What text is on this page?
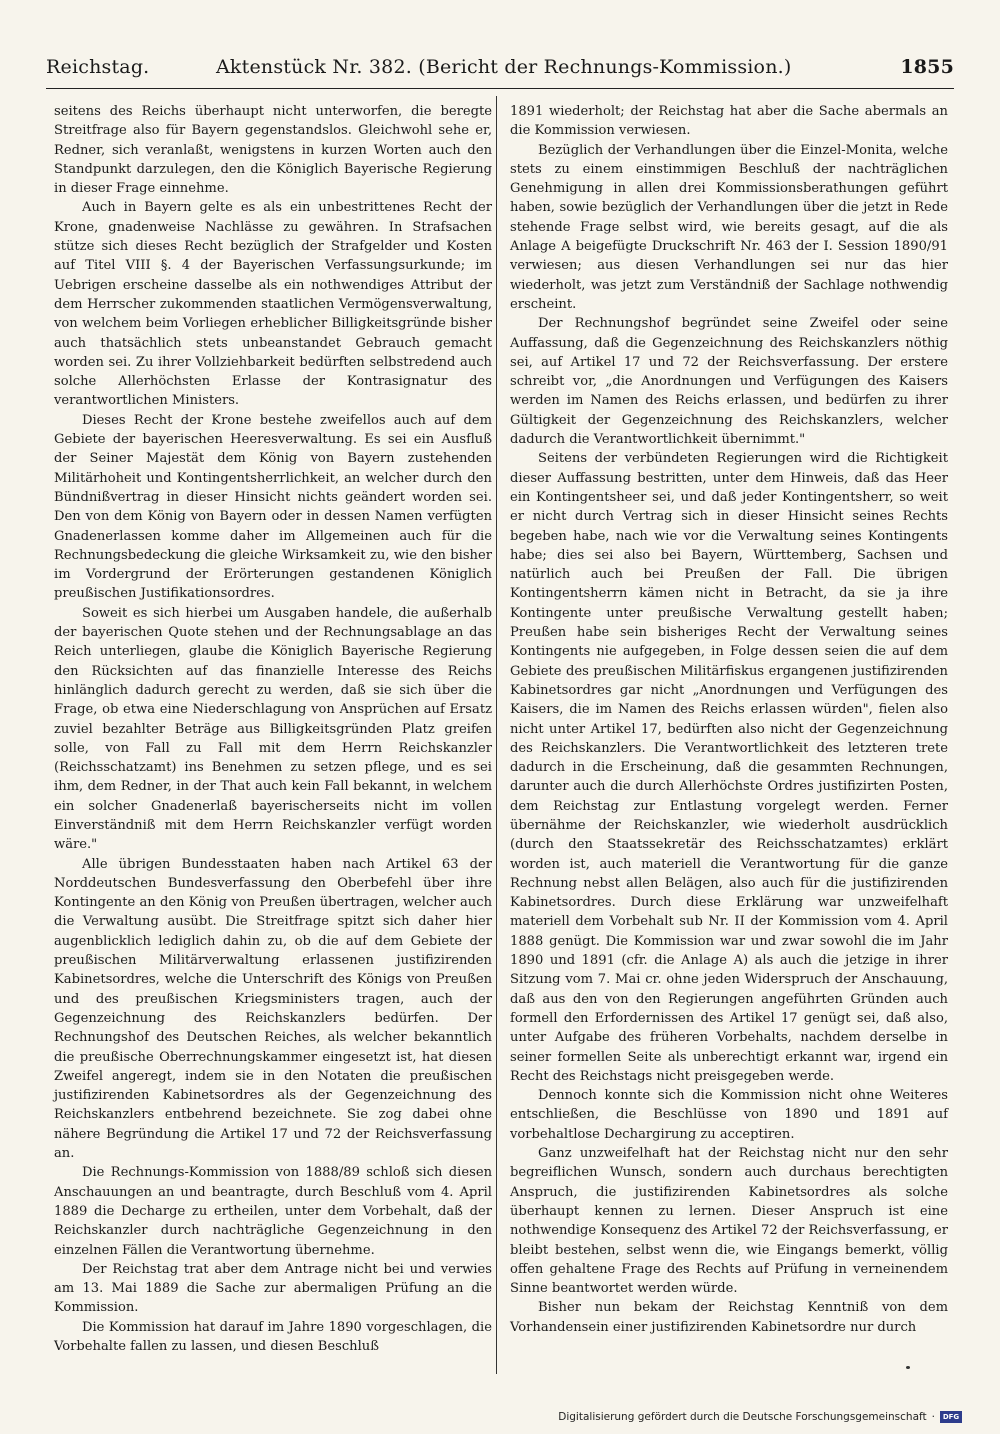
Reichstag.	Aktenstück Nr. 382. (Bericht der Rechnungs-Kommission.)	1855

seitens des Reichs überhaupt nicht unterworfen, die beregte Streitfrage also für Bayern gegenstandslos. Gleichwohl sehe er, Redner, sich veranlaßt, wenigstens in kurzen Worten auch den Standpunkt darzulegen, den die Königlich Bayerische Regierung in dieser Frage einnehme.

Auch in Bayern gelte es als ein unbestrittenes Recht der Krone, gnadenweise Nachlässe zu gewähren. In Strafsachen stütze sich dieses Recht bezüglich der Strafgelder und Kosten auf Titel VIII §. 4 der Bayerischen Verfassungsurkunde; im Uebrigen erscheine dasselbe als ein nothwendiges Attribut der dem Herrscher zukommenden staatlichen Vermögensverwaltung, von welchem beim Vorliegen erheblicher Billigkeitsgründe bisher auch thatsächlich stets unbeanstandet Gebrauch gemacht worden sei. Zu ihrer Vollziehbarkeit bedürften selbstredend auch solche Allerhöchsten Erlasse der Kontrasignatur des verantwortlichen Ministers.

Dieses Recht der Krone bestehe zweifellos auch auf dem Gebiete der bayerischen Heeresverwaltung. Es sei ein Ausfluß der Seiner Majestät dem König von Bayern zustehenden Militärhoheit und Kontingentsherrlichkeit, an welcher durch den Bündnißvertrag in dieser Hinsicht nichts geändert worden sei. Den von dem König von Bayern oder in dessen Namen verfügten Gnadenerlassen komme daher im Allgemeinen auch für die Rechnungsbedeckung die gleiche Wirksamkeit zu, wie den bisher im Vordergrund der Erörterungen gestandenen Königlich preußischen Justifikationsordres.

Soweit es sich hierbei um Ausgaben handele, die außerhalb der bayerischen Quote stehen und der Rechnungsablage an das Reich unterliegen, glaube die Königlich Bayerische Regierung den Rücksichten auf das finanzielle Interesse des Reichs hinlänglich dadurch gerecht zu werden, daß sie sich über die Frage, ob etwa eine Niederschlagung von Ansprüchen auf Ersatz zuviel bezahlter Beträge aus Billigkeitsgründen Platz greifen solle, von Fall zu Fall mit dem Herrn Reichskanzler (Reichsschatzamt) ins Benehmen zu setzen pflege, und es sei ihm, dem Redner, in der That auch kein Fall bekannt, in welchem ein solcher Gnadenerlaß bayerischerseits nicht im vollen Einverständniß mit dem Herrn Reichskanzler verfügt worden wäre."

Alle übrigen Bundesstaaten haben nach Artikel 63 der Norddeutschen Bundesverfassung den Oberbefehl über ihre Kontingente an den König von Preußen übertragen, welcher auch die Verwaltung ausübt. Die Streitfrage spitzt sich daher hier augenblicklich lediglich dahin zu, ob die auf dem Gebiete der preußischen Militärverwaltung erlassenen justifizirenden Kabinetsordres, welche die Unterschrift des Königs von Preußen und des preußischen Kriegsministers tragen, auch der Gegenzeichnung des Reichskanzlers bedürfen. Der Rechnungshof des Deutschen Reiches, als welcher bekanntlich die preußische Oberrechnungskammer eingesetzt ist, hat diesen Zweifel angeregt, indem sie in den Notaten die preußischen justifizirenden Kabinetsordres als der Gegenzeichnung des Reichskanzlers entbehrend bezeichnete. Sie zog dabei ohne nähere Begründung die Artikel 17 und 72 der Reichsverfassung an.

Die Rechnungs-Kommission von 1888/89 schloß sich diesen Anschauungen an und beantragte, durch Beschluß vom 4. April 1889 die Decharge zu ertheilen, unter dem Vorbehalt, daß der Reichskanzler durch nachträgliche Gegenzeichnung in den einzelnen Fällen die Verantwortung übernehme.

Der Reichstag trat aber dem Antrage nicht bei und verwies am 13. Mai 1889 die Sache zur abermaligen Prüfung an die Kommission.

Die Kommission hat darauf im Jahre 1890 vorgeschlagen, die Vorbehalte fallen zu lassen, und diesen Beschluß

1891 wiederholt; der Reichstag hat aber die Sache abermals an die Kommission verwiesen.

Bezüglich der Verhandlungen über die Einzel-Monita, welche stets zu einem einstimmigen Beschluß der nachträglichen Genehmigung in allen drei Kommissionsberathungen geführt haben, sowie bezüglich der Verhandlungen über die jetzt in Rede stehende Frage selbst wird, wie bereits gesagt, auf die als Anlage A beigefügte Druckschrift Nr. 463 der I. Session 1890/91 verwiesen; aus diesen Verhandlungen sei nur das hier wiederholt, was jetzt zum Verständniß der Sachlage nothwendig erscheint.

Der Rechnungshof begründet seine Zweifel oder seine Auffassung, daß die Gegenzeichnung des Reichskanzlers nöthig sei, auf Artikel 17 und 72 der Reichsverfassung. Der erstere schreibt vor, „die Anordnungen und Verfügungen des Kaisers werden im Namen des Reichs erlassen, und bedürfen zu ihrer Gültigkeit der Gegenzeichnung des Reichskanzlers, welcher dadurch die Verantwortlichkeit übernimmt."

Seitens der verbündeten Regierungen wird die Richtigkeit dieser Auffassung bestritten, unter dem Hinweis, daß das Heer ein Kontingentsheer sei, und daß jeder Kontingentsherr, so weit er nicht durch Vertrag sich in dieser Hinsicht seines Rechts begeben habe, nach wie vor die Verwaltung seines Kontingents habe; dies sei also bei Bayern, Württemberg, Sachsen und natürlich auch bei Preußen der Fall. Die übrigen Kontingentsherrn kämen nicht in Betracht, da sie ja ihre Kontingente unter preußische Verwaltung gestellt haben; Preußen habe sein bisheriges Recht der Verwaltung seines Kontingents nie aufgegeben, in Folge dessen seien die auf dem Gebiete des preußischen Militärfiskus ergangenen justifizirenden Kabinetsordres gar nicht „Anordnungen und Verfügungen des Kaisers, die im Namen des Reichs erlassen würden", fielen also nicht unter Artikel 17, bedürften also nicht der Gegenzeichnung des Reichskanzlers. Die Verantwortlichkeit des letzteren trete dadurch in die Erscheinung, daß die gesammten Rechnungen, darunter auch die durch Allerhöchste Ordres justifizirten Posten, dem Reichstag zur Entlastung vorgelegt werden. Ferner übernähme der Reichskanzler, wie wiederholt ausdrücklich (durch den Staatssekretär des Reichsschatzamtes) erklärt worden ist, auch materiell die Verantwortung für die ganze Rechnung nebst allen Belägen, also auch für die justifizirenden Kabinetsordres. Durch diese Erklärung war unzweifelhaft materiell dem Vorbehalt sub Nr. II der Kommission vom 4. April 1888 genügt. Die Kommission war und zwar sowohl die im Jahr 1890 und 1891 (cfr. die Anlage A) als auch die jetzige in ihrer Sitzung vom 7. Mai cr. ohne jeden Widerspruch der Anschauung, daß aus den von den Regierungen angeführten Gründen auch formell den Erfordernissen des Artikel 17 genügt sei, daß also, unter Aufgabe des früheren Vorbehalts, nachdem derselbe in seiner formellen Seite als unberechtigt erkannt war, irgend ein Recht des Reichstags nicht preisgegeben werde.

Dennoch konnte sich die Kommission nicht ohne Weiteres entschließen, die Beschlüsse von 1890 und 1891 auf vorbehaltlose Dechargirung zu acceptiren.

Ganz unzweifelhaft hat der Reichstag nicht nur den sehr begreiflichen Wunsch, sondern auch durchaus berechtigten Anspruch, die justifizirenden Kabinetsordres als solche überhaupt kennen zu lernen. Dieser Anspruch ist eine nothwendige Konsequenz des Artikel 72 der Reichsverfassung, er bleibt bestehen, selbst wenn die, wie Eingangs bemerkt, völlig offen gehaltene Frage des Rechts auf Prüfung in verneinendem Sinne beantwortet werden würde.

Bisher nun bekam der Reichstag Kenntniß von dem Vorhandensein einer justifizirenden Kabinetsordre nur durch

Digitalisierung gefördert durch die Deutsche Forschungsgemeinschaft ·	DFG
